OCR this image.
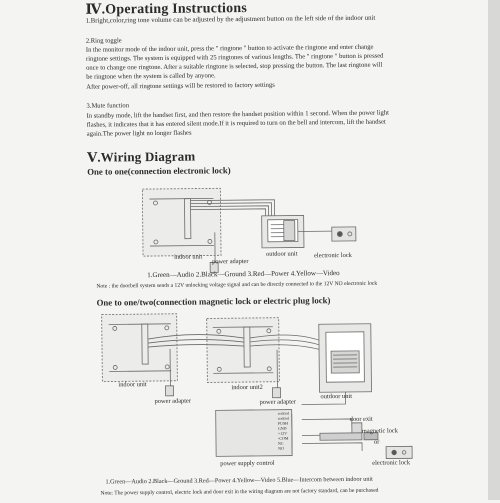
Ⅳ.Operating Instructions
1.Bright,color,ring tone volume can be adjusted by the adjustment button on the left side of the indoor unit
2.Ring toggle
In the monitor mode of the indoor unit, press the " ringtone " button to activate the ringtone and enter change
ringtone settings. The system is equipped with 25 ringtones of various lengths. The " ringtone " button is pressed
once to change one ringtone. After a suitable ringtone is selected, stop pressing the button. The last ringtone will
be ringtone when the system is called by anyone.
After power-off, all ringtone settings will be restored to factory settings
3.Mute function
In standby mode, lift the handset first, and then restore the handset position within 1 second. When the power light
flashes, it indicates that it has entered silent mode.If it is required to turn on the bell and intercom, lift the handset
again.The power light no longer flashes
Ⅴ.Wiring Diagram
One to one(connection electronic lock)
indoor unit
power adapter
outdoor unit	electronic lock
1.Green—Audio 2.Black—Ground 3.Red—Power 4.Yellow—Video
Note : the doorbell system sends a 12V unlocking voltage signal and can be directly connected to the 12V NO electronic lock
One to one/two(connection magnetic lock or electric plug lock)
indoor unit	indoor unit2
power adapter	power adapter
outdoor unit
control
control
PUSH
GND
+12V
-COM
NC
NO
door exit
magnetic lock
or
electronic lock
power supply control
1.Green—Audio 2.Black—Ground 3.Red—Power 4.Yellow—Video 5.Blue—Intercom between indoor unit
Note: The power supply control, electric lock and door exit in the wiring diagram are not factory standard, can be purchased
